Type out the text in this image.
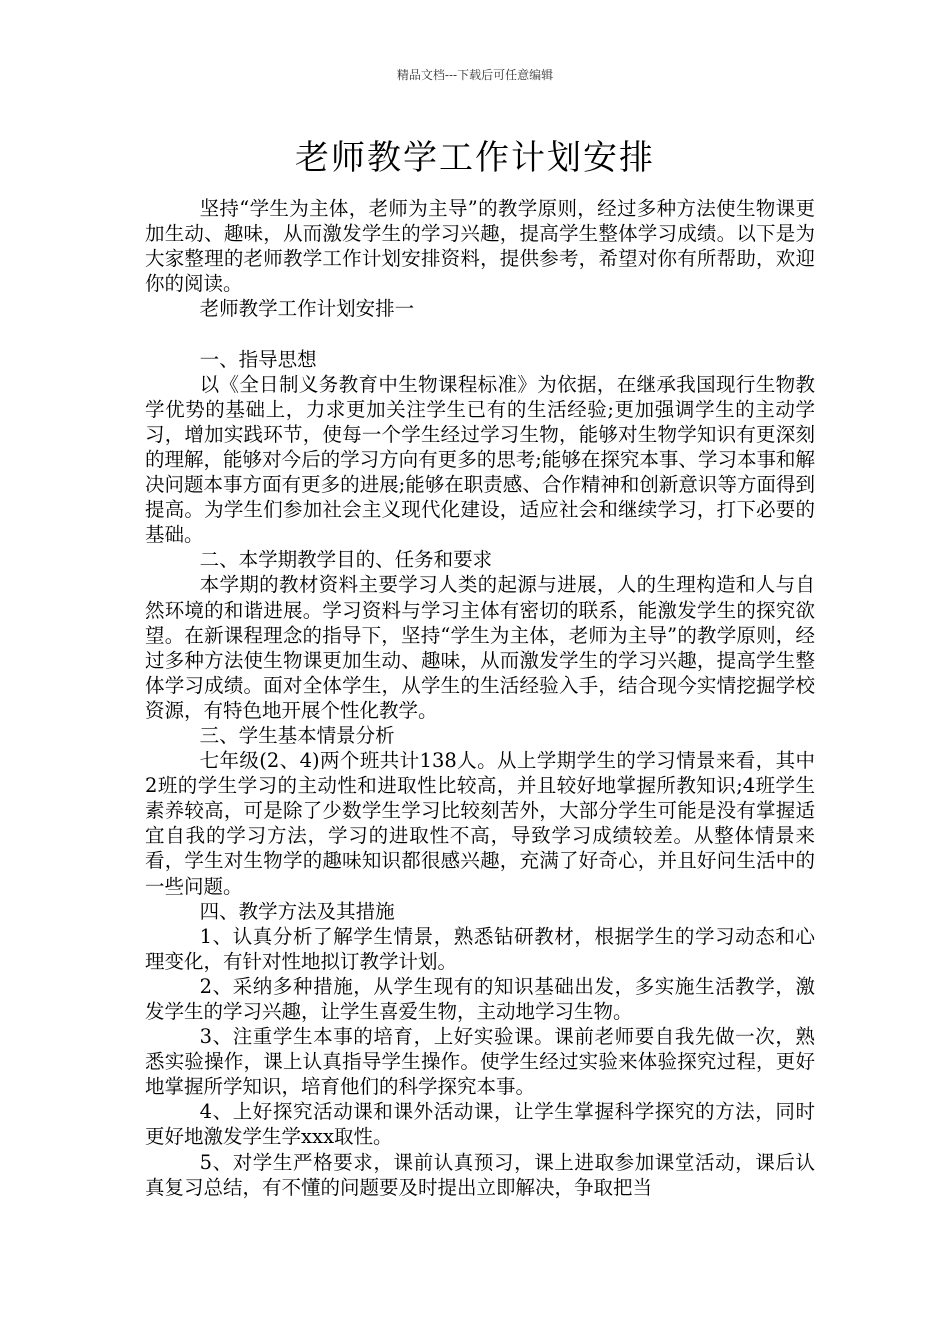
精品文档---下载后可任意编辑
老师教学工作计划安排

坚持“学生为主体，老师为主导”的教学原则，经过多种方法使生物课更加生动、趣味，从而激发学生的学习兴趣，提高学生整体学习成绩。以下是为大家整理的老师教学工作计划安排资料，提供参考，希望对你有所帮助，欢迎你的阅读。

老师教学工作计划安排一

一、指导思想

以《全日制义务教育中生物课程标准》为依据，在继承我国现行生物教学优势的基础上，力求更加关注学生已有的生活经验;更加强调学生的主动学习，增加实践环节，使每一个学生经过学习生物，能够对生物学知识有更深刻的理解，能够对今后的学习方向有更多的思考;能够在探究本事、学习本事和解决问题本事方面有更多的进展;能够在职责感、合作精神和创新意识等方面得到提高。为学生们参加社会主义现代化建设，适应社会和继续学习，打下必要的基础。

二、本学期教学目的、任务和要求

本学期的教材资料主要学习人类的起源与进展，人的生理构造和人与自然环境的和谐进展。学习资料与学习主体有密切的联系，能激发学生的探究欲望。在新课程理念的指导下，坚持“学生为主体，老师为主导”的教学原则，经过多种方法使生物课更加生动、趣味，从而激发学生的学习兴趣，提高学生整体学习成绩。面对全体学生，从学生的生活经验入手，结合现今实情挖掘学校资源，有特色地开展个性化教学。

三、学生基本情景分析

七年级(2、4)两个班共计138人。从上学期学生的学习情景来看，其中2班的学生学习的主动性和进取性比较高，并且较好地掌握所教知识;4班学生素养较高，可是除了少数学生学习比较刻苦外，大部分学生可能是没有掌握适宜自我的学习方法，学习的进取性不高，导致学习成绩较差。从整体情景来看，学生对生物学的趣味知识都很感兴趣，充满了好奇心，并且好问生活中的一些问题。

四、教学方法及其措施

1、认真分析了解学生情景，熟悉钻研教材，根据学生的学习动态和心理变化，有针对性地拟订教学计划。

2、采纳多种措施，从学生现有的知识基础出发，多实施生活教学，激发学生的学习兴趣，让学生喜爱生物，主动地学习生物。

3、注重学生本事的培育，上好实验课。课前老师要自我先做一次，熟悉实验操作，课上认真指导学生操作。使学生经过实验来体验探究过程，更好地掌握所学知识，培育他们的科学探究本事。

4、上好探究活动课和课外活动课，让学生掌握科学探究的方法，同时更好地激发学生学xxx取性。

5、对学生严格要求，课前认真预习，课上进取参加课堂活动，课后认真复习总结，有不懂的问题要及时提出立即解决，争取把当
